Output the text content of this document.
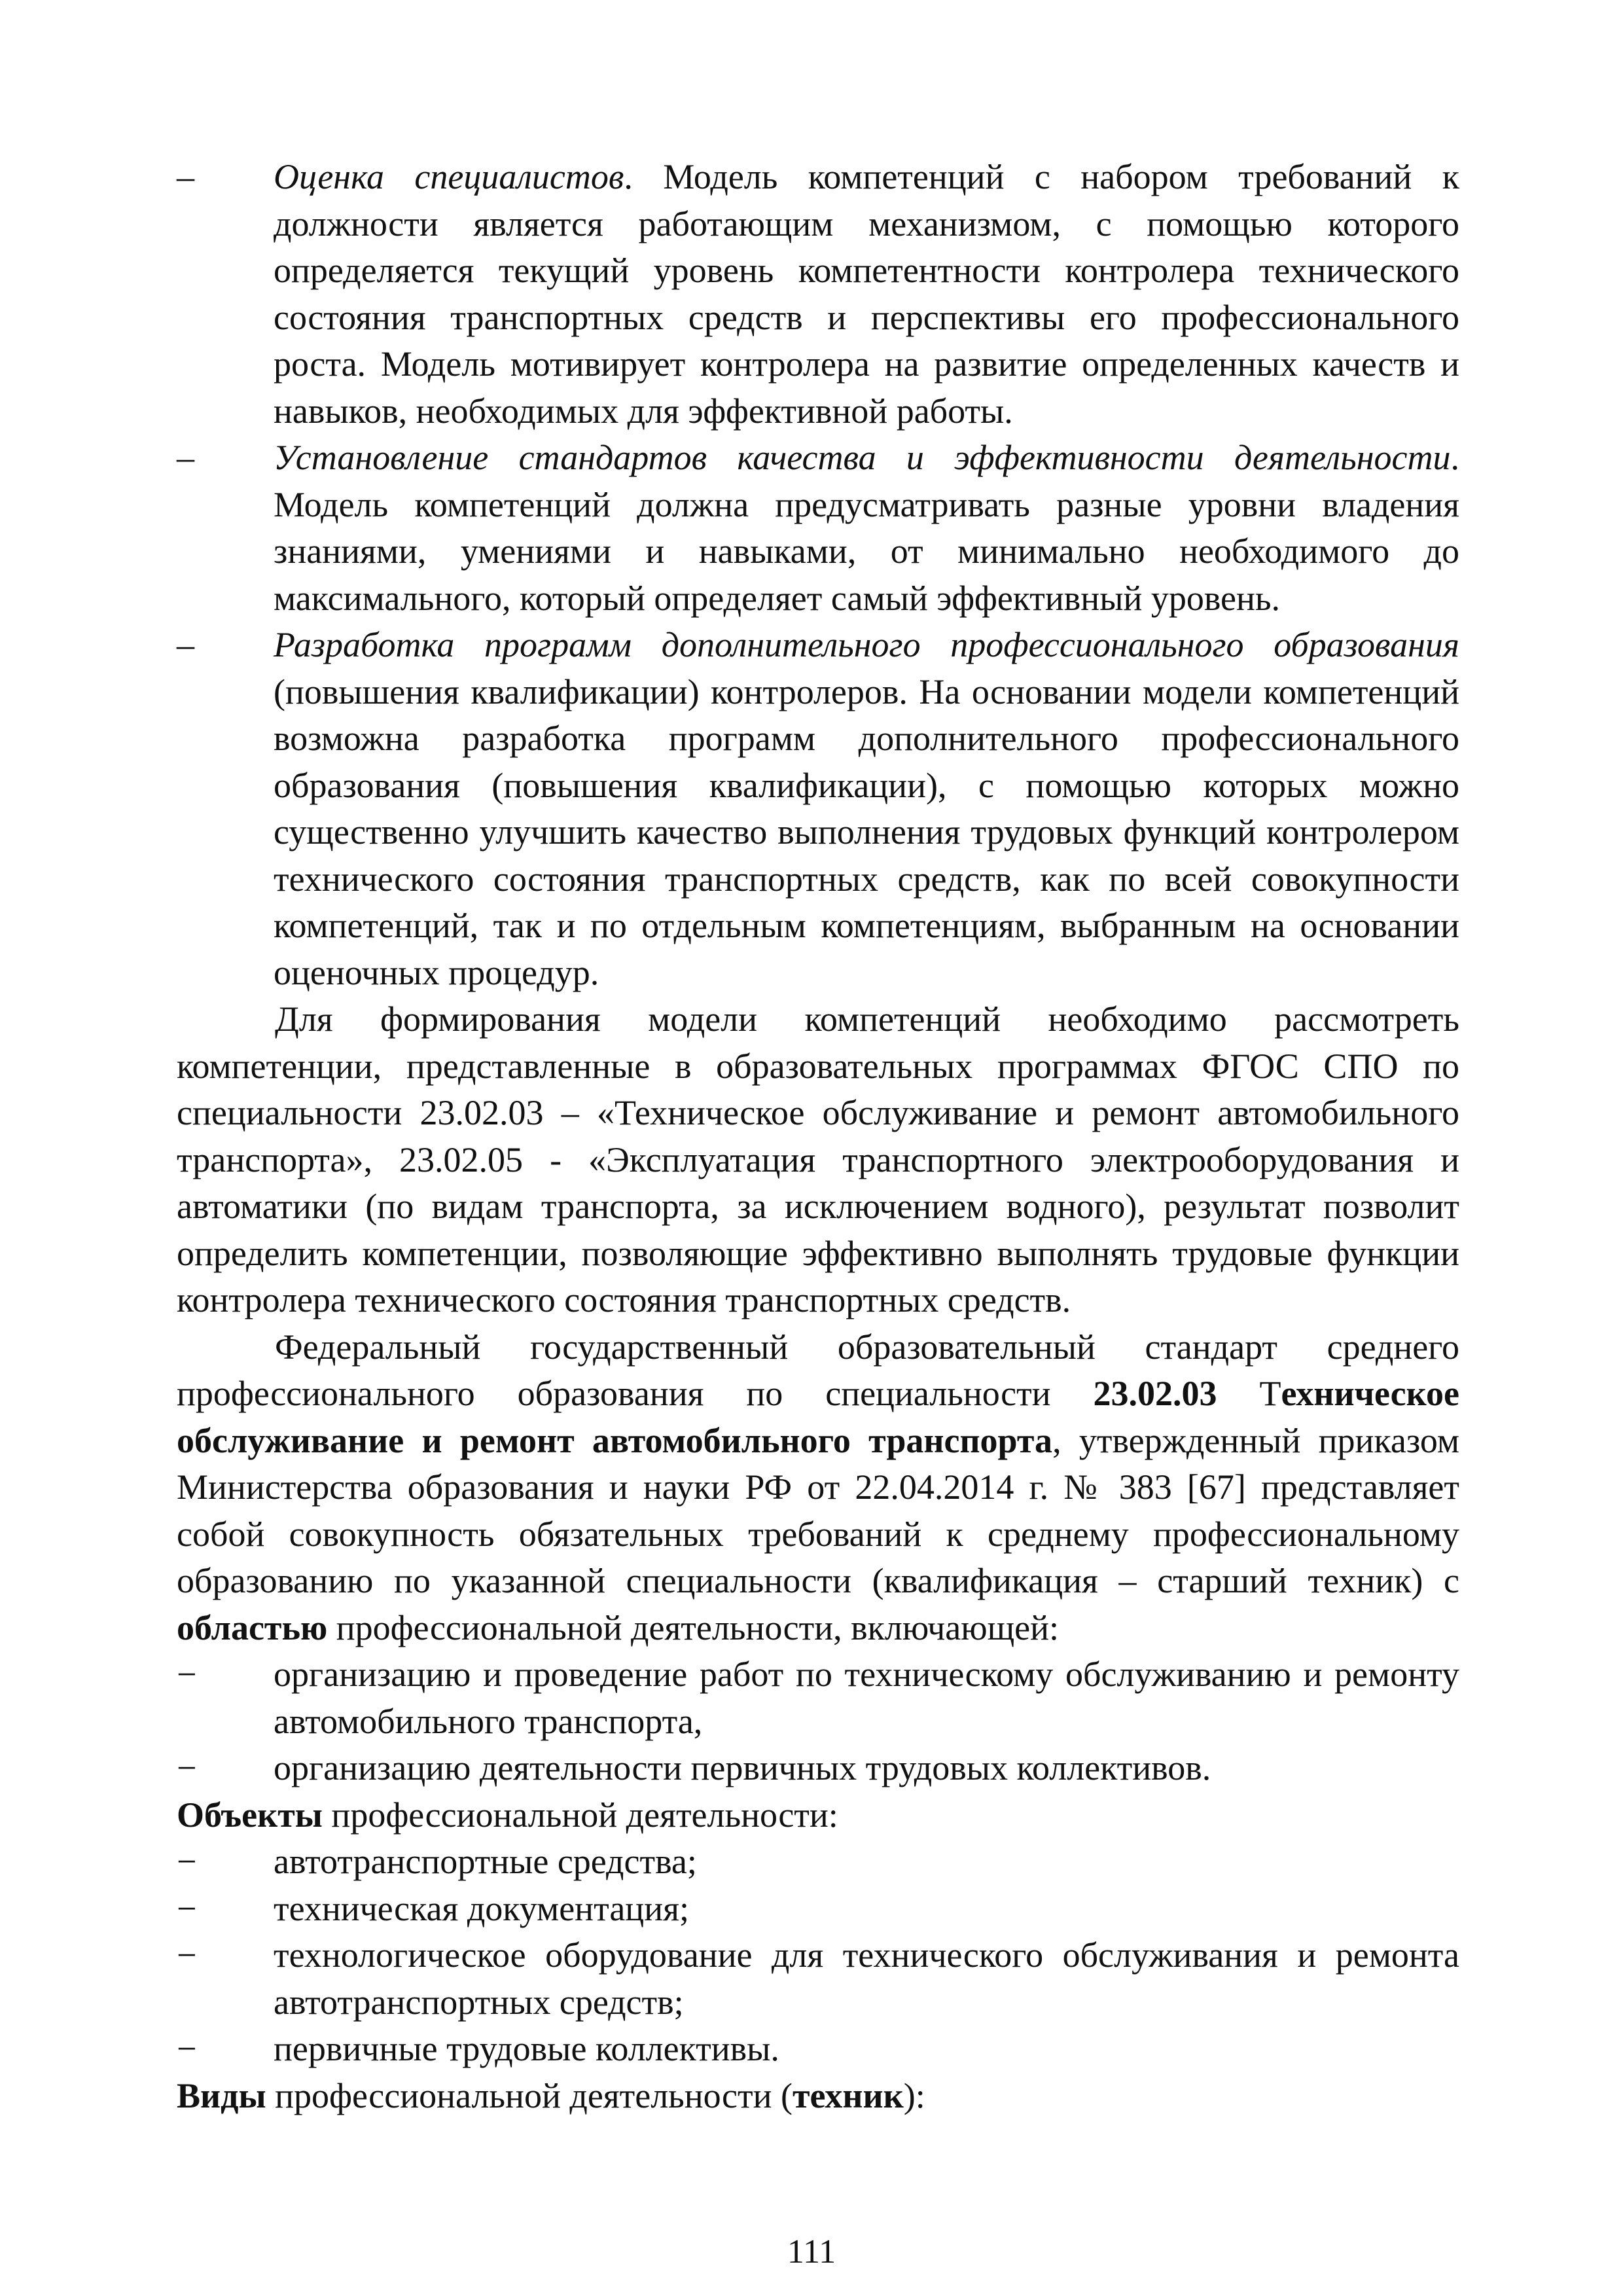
– Оценка специалистов. Модель компетенций с набором требований к должности является работающим механизмом, с помощью которого определяется текущий уровень компетентности контролера технического состояния транспортных средств и перспективы его профессионального роста. Модель мотивирует контролера на развитие определенных качеств и навыков, необходимых для эффективной работы.

– Установление стандартов качества и эффективности деятельности. Модель компетенций должна предусматривать разные уровни владения знаниями, умениями и навыками, от минимально необходимого до максимального, который определяет самый эффективный уровень.

– Разработка программ дополнительного профессионального образования (повышения квалификации) контролеров. На основании модели компетенций возможна разработка программ дополнительного профессионального образования (повышения квалификации), с помощью которых можно существенно улучшить качество выполнения трудовых функций контролером технического состояния транспортных средств, как по всей совокупности компетенций, так и по отдельным компетенциям, выбранным на основании оценочных процедур.

Для формирования модели компетенций необходимо рассмотреть компетенции, представленные в образовательных программах ФГОС СПО по специальности 23.02.03 – «Техническое обслуживание и ремонт автомобильного транспорта», 23.02.05 - «Эксплуатация транспортного электрооборудования и автоматики (по видам транспорта, за исключением водного), результат позволит определить компетенции, позволяющие эффективно выполнять трудовые функции контролера технического состояния транспортных средств.

Федеральный государственный образовательный стандарт среднего профессионального образования по специальности 23.02.03 Техническое обслуживание и ремонт автомобильного транспорта, утвержденный приказом Министерства образования и науки РФ от 22.04.2014 г. № 383 [67] представляет собой совокупность обязательных требований к среднему профессиональному образованию по указанной специальности (квалификация – старший техник) с областью профессиональной деятельности, включающей:

− организацию и проведение работ по техническому обслуживанию и ремонту автомобильного транспорта,

− организацию деятельности первичных трудовых коллективов.

Объекты профессиональной деятельности:

− автотранспортные средства;

− техническая документация;

− технологическое оборудование для технического обслуживания и ремонта автотранспортных средств;

− первичные трудовые коллективы.

Виды профессиональной деятельности (техник):

111
